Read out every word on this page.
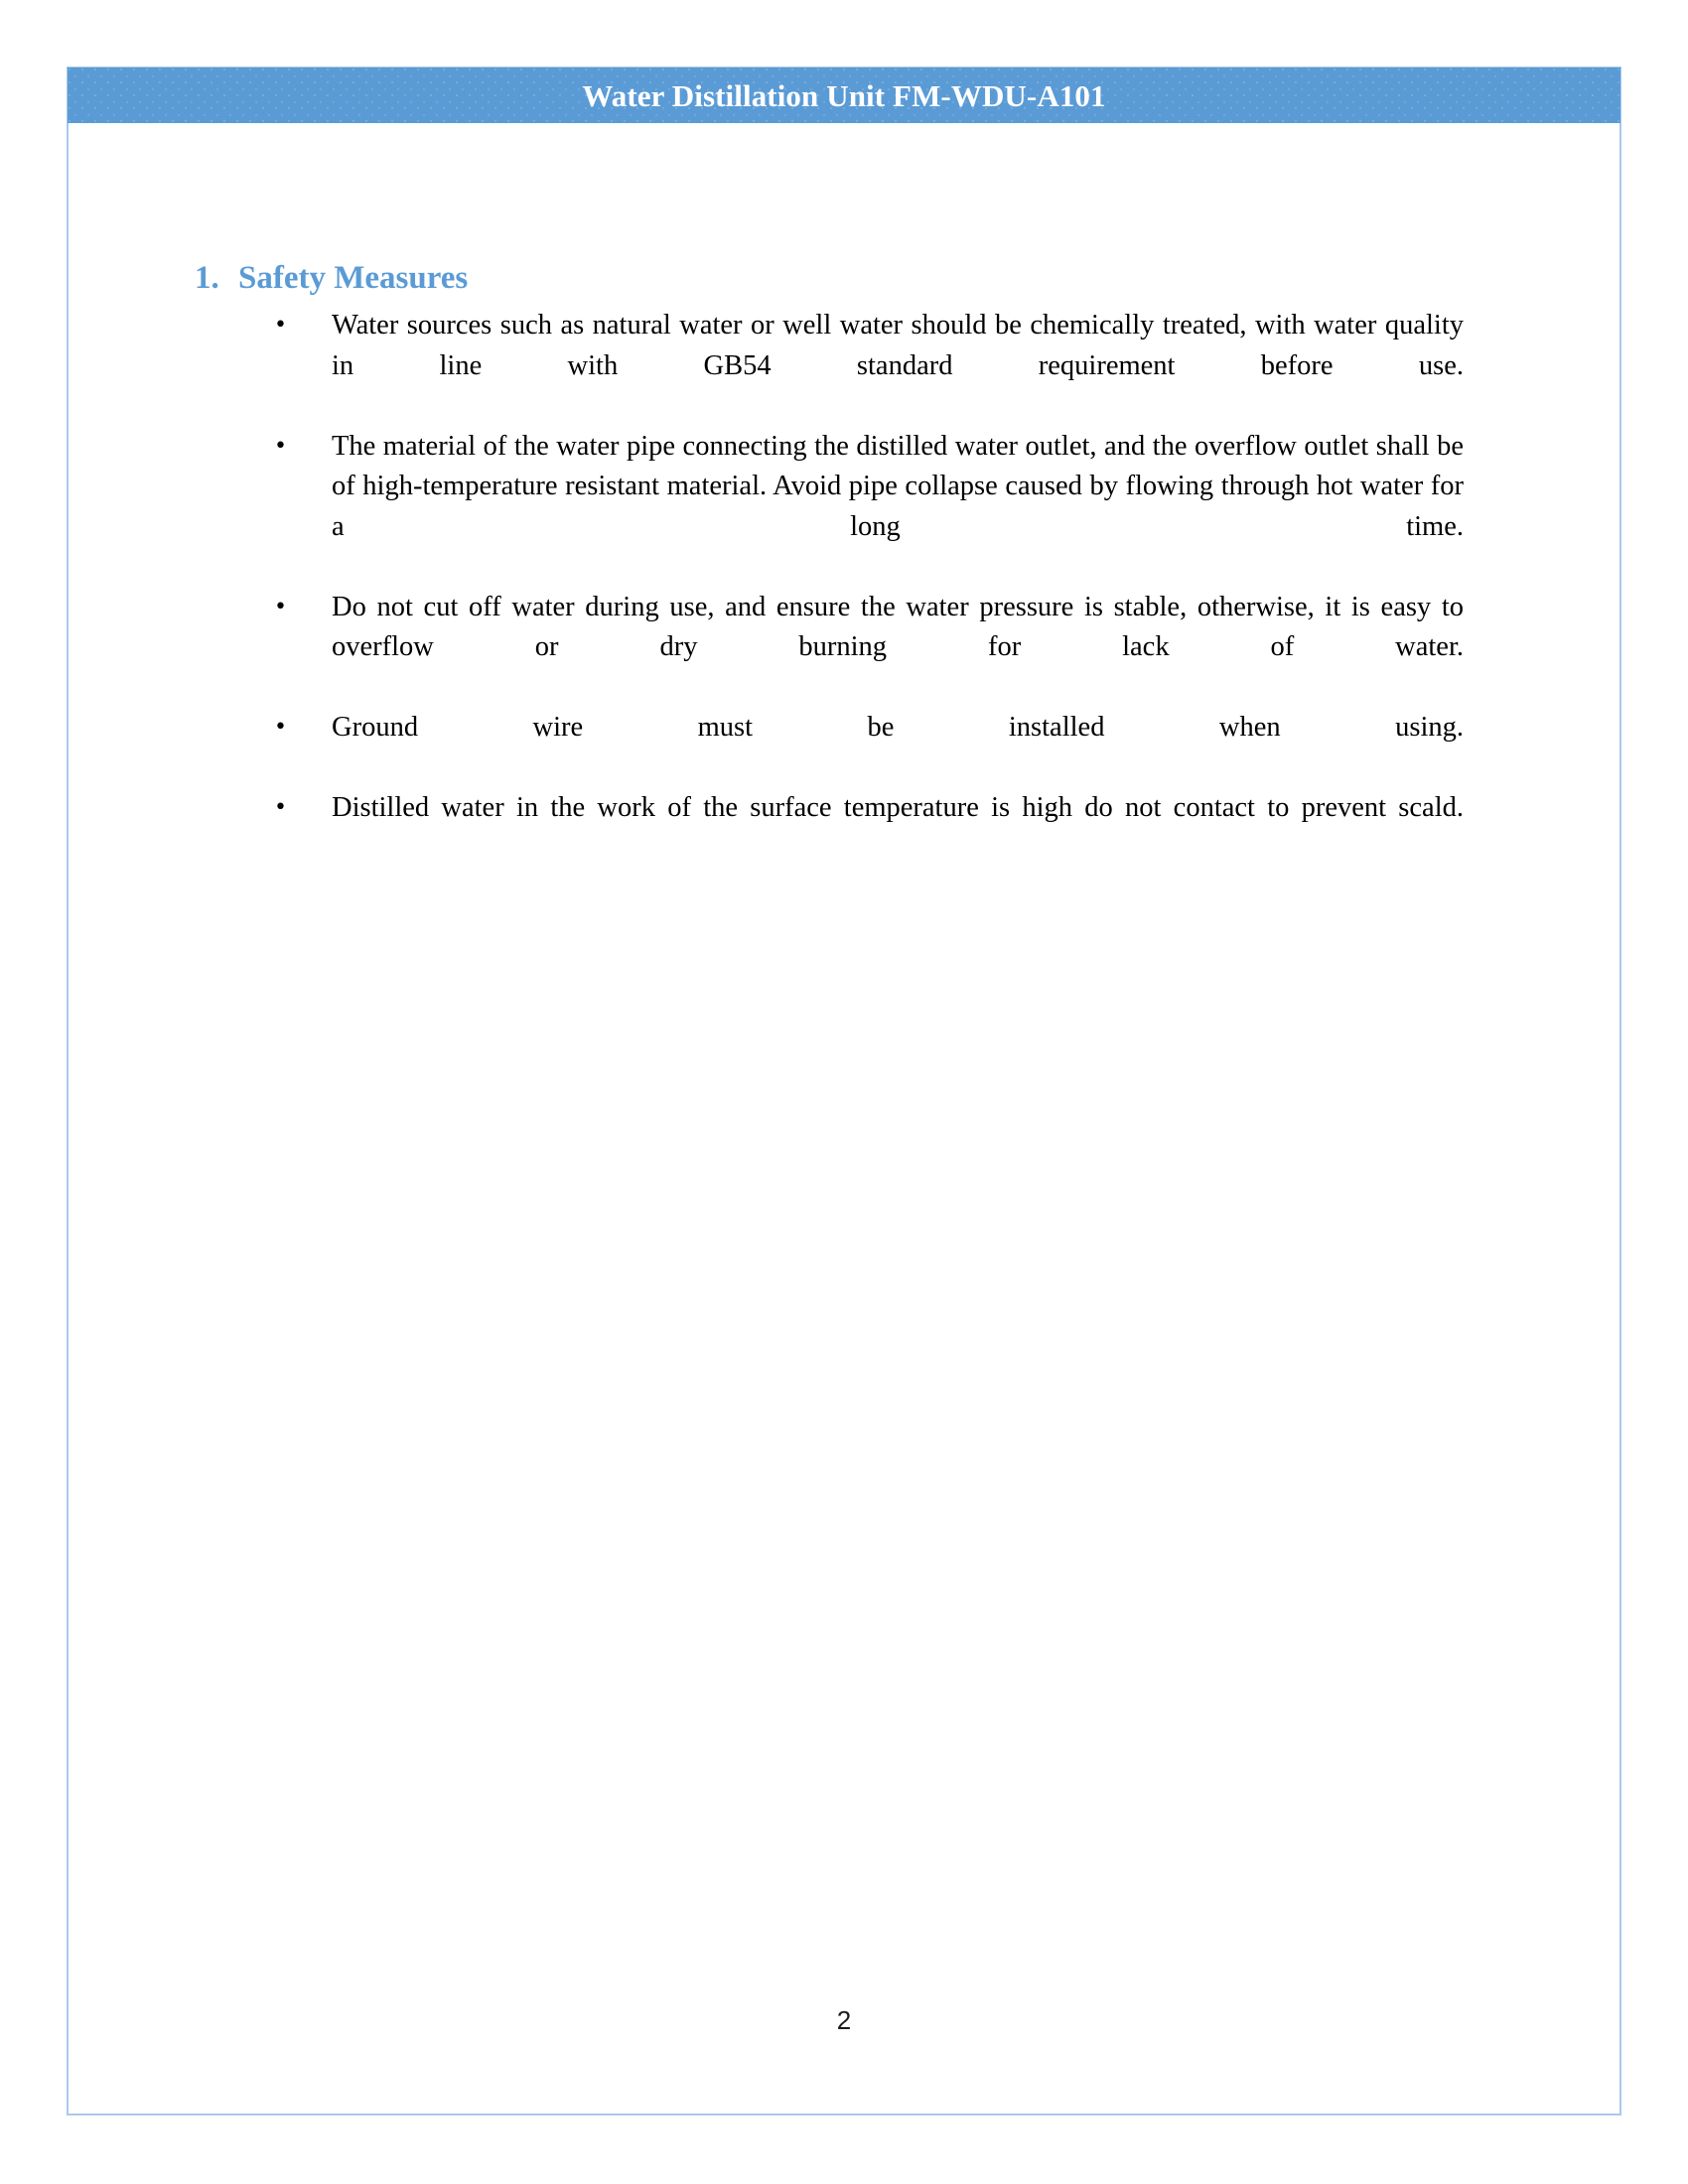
Water Distillation Unit FM-WDU-A101
1. Safety Measures
• Water sources such as natural water or well water should be chemically treated, with water quality in line with GB54 standard requirement before use.
• The material of the water pipe connecting the distilled water outlet, and the overflow outlet shall be of high-temperature resistant material. Avoid pipe collapse caused by flowing through hot water for a long time.
• Do not cut off water during use, and ensure the water pressure is stable, otherwise, it is easy to overflow or dry burning for lack of water.
• Ground wire must be installed when using.
• Distilled water in the work of the surface temperature is high do not contact to prevent scald.
2
